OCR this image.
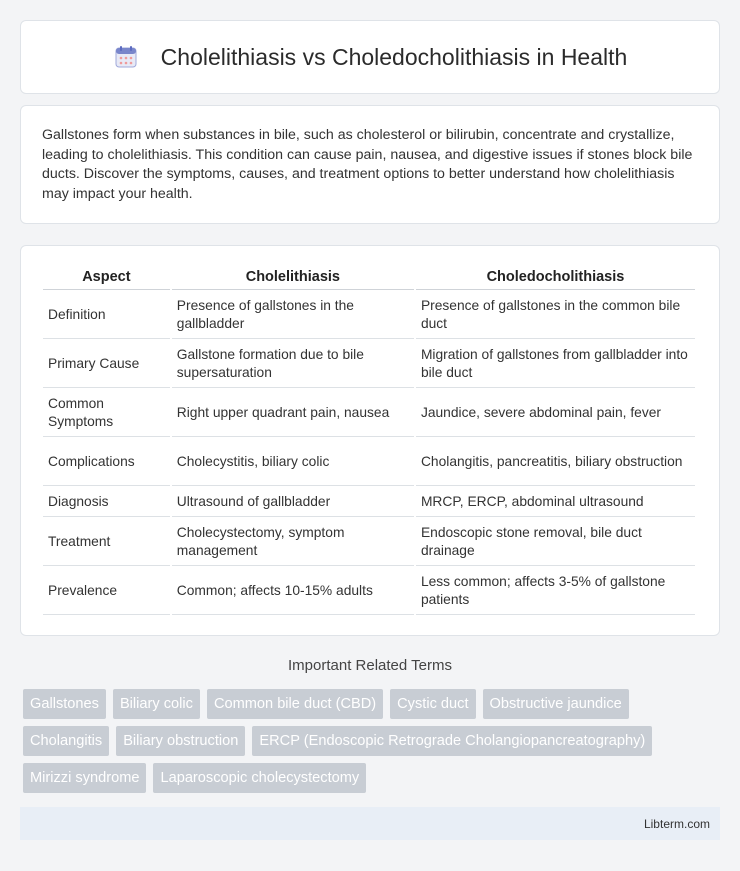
Cholelithiasis vs Choledocholithiasis in Health

Gallstones form when substances in bile, such as cholesterol or bilirubin, concentrate and crystallize, leading to cholelithiasis. This condition can cause pain, nausea, and digestive issues if stones block bile ducts. Discover the symptoms, causes, and treatment options to better understand how cholelithiasis may impact your health.

Aspect	Cholelithiasis	Choledocholithiasis
Definition	Presence of gallstones in the gallbladder	Presence of gallstones in the common bile duct
Primary Cause	Gallstone formation due to bile supersaturation	Migration of gallstones from gallbladder into bile duct
Common Symptoms	Right upper quadrant pain, nausea	Jaundice, severe abdominal pain, fever
Complications	Cholecystitis, biliary colic	Cholangitis, pancreatitis, biliary obstruction
Diagnosis	Ultrasound of gallbladder	MRCP, ERCP, abdominal ultrasound
Treatment	Cholecystectomy, symptom management	Endoscopic stone removal, bile duct drainage
Prevalence	Common; affects 10-15% adults	Less common; affects 3-5% of gallstone patients
Important Related Terms
Gallstones	Biliary colic	Common bile duct (CBD)	Cystic duct	Obstructive jaundice
Cholangitis	Biliary obstruction	ERCP (Endoscopic Retrograde Cholangiopancreatography)
Mirizzi syndrome	Laparoscopic cholecystectomy
Libterm.com
